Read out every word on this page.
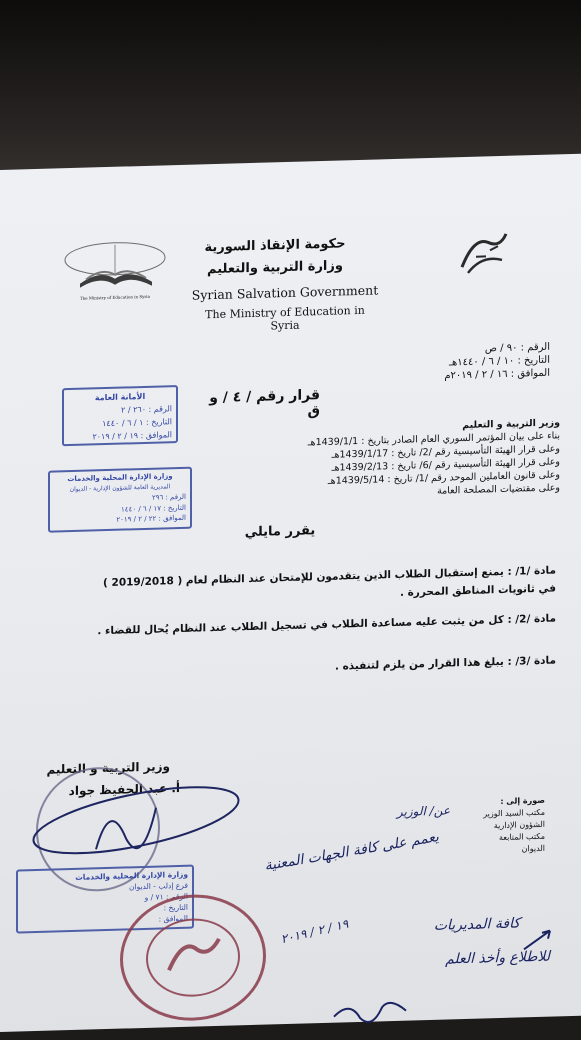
The Ministry of Education in Syria
حكومة الإنقاذ السورية
وزارة التربية والتعليم
Syrian Salvation Government
The Ministry of Education in Syria
الرقم : ٩٠ / ص
التاريخ : ١٠ / ٦ / ١٤٤٠هـ
الموافق : ١٦ / ٢ / ٢٠١٩م
قرار رقم / ٤ / و ق
الأمانة العامة
الرقم : ٢٦٠ / ٢
التاريخ : ١ / ٦ / ١٤٤٠
الموافق : ١٩ / ٢ / ٢٠١٩
وزير التربية و التعليم
بناء على بيان المؤتمر السوري العام الصادر بتاريخ : 1439/1/1هـ
وعلى قرار الهيئة التأسيسية رقم /2/ تاريخ : 1439/1/17هـ
وعلى قرار الهيئة التأسيسية رقم /6/ تاريخ : 1439/2/13هـ
وعلى قانون العاملين الموحد رقم /1/ تاريخ : 1439/5/14هـ
وعلى مقتضيات المصلحة العامة
وزارة الإدارة المحلية والخدمات
المديرية العامة للشؤون الإدارية - الديوان
الرقم : ٢٩٦
التاريخ : ١٧ / ٦ / ١٤٤٠
الموافق : ٢٢ / ٢ / ٢٠١٩
يقرر مايلي
مادة /1/ : يمنع إستقبال الطلاب الذين يتقدمون للإمتحان عند النظام لعام ( 2019/2018 )
في ثانويات المناطق المحررة .
مادة /2/ : كل من يثبت عليه مساعدة الطلاب في تسجيل الطلاب عند النظام يُحال للقضاء .
مادة /3/ : يبلغ هذا القرار من يلزم لتنفيذه .
وزير التربية و التعليم
أ. عبد الحفيظ جواد
صورة إلى :
مكتب السيد الوزير
الشؤون الإدارية
مكتب المتابعة
الديوان
عن/ الوزير
يعمم على كافة الجهات المعنية
١٩ / ٢ / ٢٠١٩	كافة المديريات
للاطلاع وأخذ العلم
وزارة الإدارة المحلية والخدمات
فرع إدلب - الديوان
الرقم : ٧١ / و
التاريخ :
الموافق :
